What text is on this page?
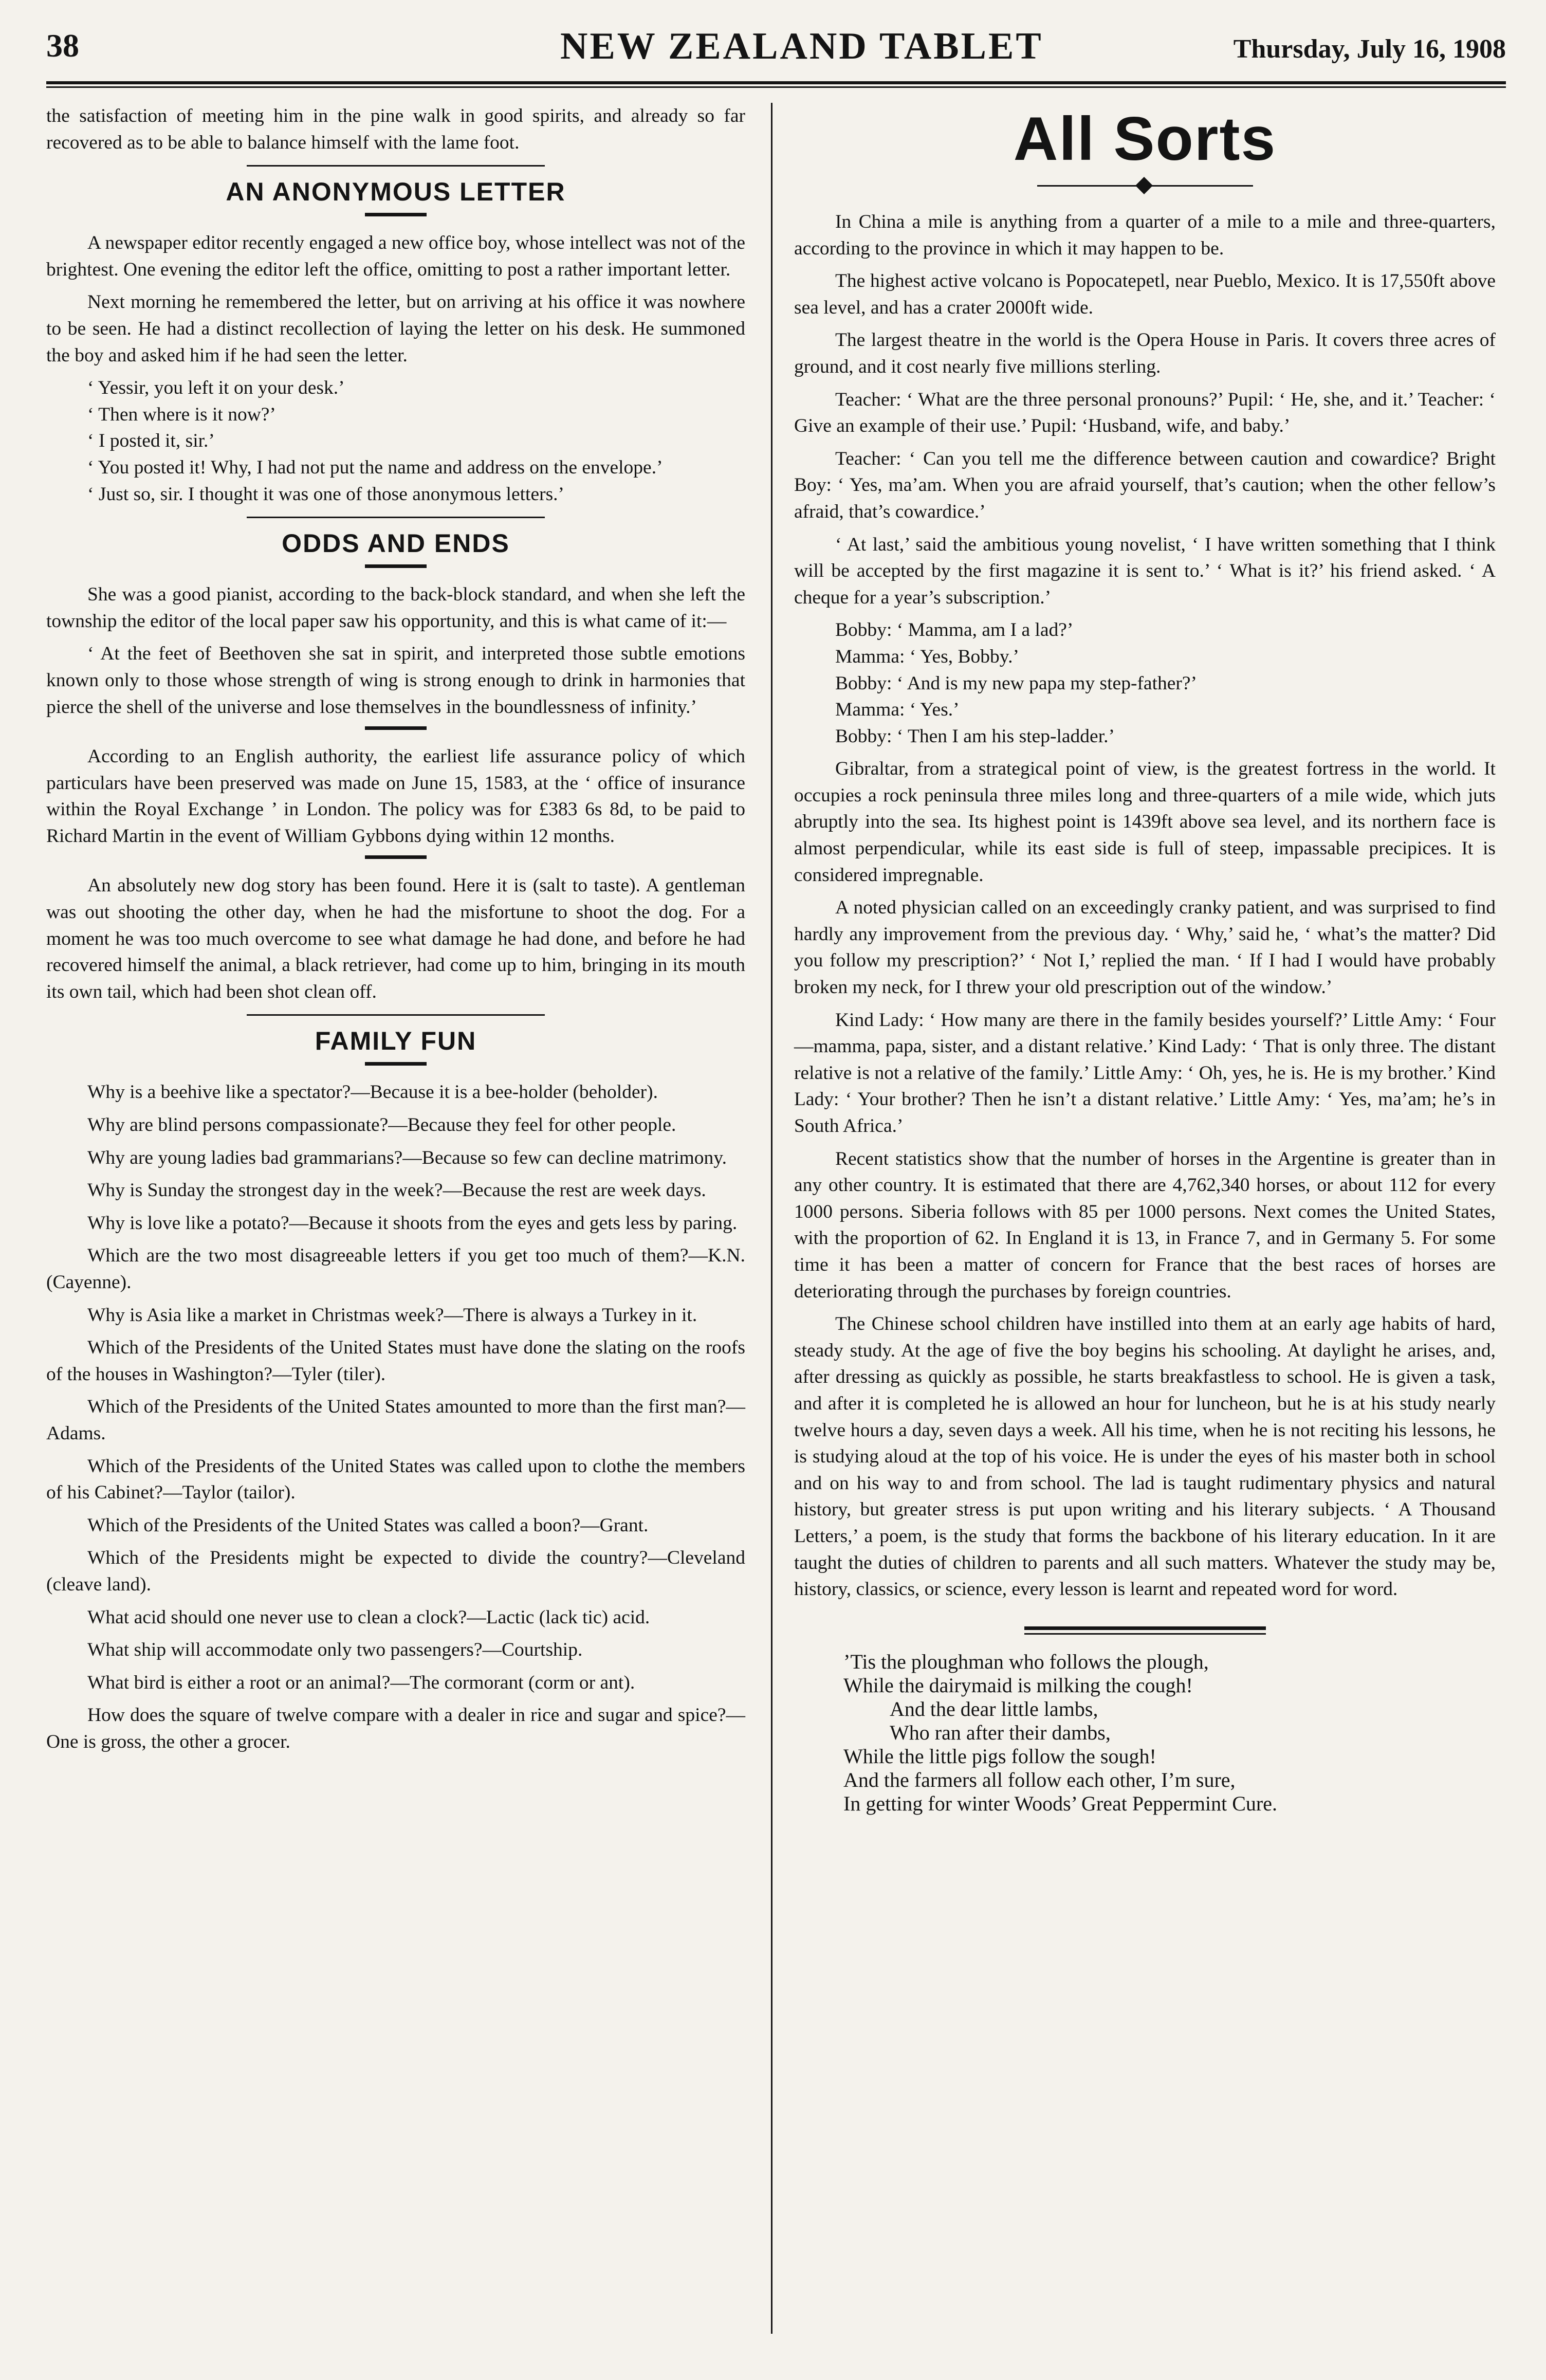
38	NEW ZEALAND TABLET	Thursday, July 16, 1908

the satisfaction of meeting him in the pine walk in good spirits, and already so far recovered as to be able to balance himself with the lame foot.

AN ANONYMOUS LETTER

A newspaper editor recently engaged a new office boy, whose intellect was not of the brightest. One evening the editor left the office, omitting to post a rather important letter.

Next morning he remembered the letter, but on arriving at his office it was nowhere to be seen. He had a distinct recollection of laying the letter on his desk. He summoned the boy and asked him if he had seen the letter.

‘ Yessir, you left it on your desk.’

‘ Then where is it now?’

‘ I posted it, sir.’

‘ You posted it! Why, I had not put the name and address on the envelope.’

‘ Just so, sir. I thought it was one of those anonymous letters.’

ODDS AND ENDS

She was a good pianist, according to the back-block standard, and when she left the township the editor of the local paper saw his opportunity, and this is what came of it:—

‘ At the feet of Beethoven she sat in spirit, and interpreted those subtle emotions known only to those whose strength of wing is strong enough to drink in harmonies that pierce the shell of the universe and lose themselves in the boundlessness of infinity.’

According to an English authority, the earliest life assurance policy of which particulars have been preserved was made on June 15, 1583, at the ‘ office of insurance within the Royal Exchange ’ in London. The policy was for £383 6s 8d, to be paid to Richard Martin in the event of William Gybbons dying within 12 months.

An absolutely new dog story has been found. Here it is (salt to taste). A gentleman was out shooting the other day, when he had the misfortune to shoot the dog. For a moment he was too much overcome to see what damage he had done, and before he had recovered himself the animal, a black retriever, had come up to him, bringing in its mouth its own tail, which had been shot clean off.

FAMILY FUN

Why is a beehive like a spectator?—Because it is a bee-holder (beholder).

Why are blind persons compassionate?—Because they feel for other people.

Why are young ladies bad grammarians?—Because so few can decline matrimony.

Why is Sunday the strongest day in the week?—Because the rest are week days.

Why is love like a potato?—Because it shoots from the eyes and gets less by paring.

Which are the two most disagreeable letters if you get too much of them?—K.N. (Cayenne).

Why is Asia like a market in Christmas week?—There is always a Turkey in it.

Which of the Presidents of the United States must have done the slating on the roofs of the houses in Washington?—Tyler (tiler).

Which of the Presidents of the United States amounted to more than the first man?—Adams.

Which of the Presidents of the United States was called upon to clothe the members of his Cabinet?—Taylor (tailor).

Which of the Presidents of the United States was called a boon?—Grant.

Which of the Presidents might be expected to divide the country?—Cleveland (cleave land).

What acid should one never use to clean a clock?—Lactic (lack tic) acid.

What ship will accommodate only two passengers?—Courtship.

What bird is either a root or an animal?—The cormorant (corm or ant).

How does the square of twelve compare with a dealer in rice and sugar and spice?—One is gross, the other a grocer.

All Sorts

In China a mile is anything from a quarter of a mile to a mile and three-quarters, according to the province in which it may happen to be.

The highest active volcano is Popocatepetl, near Pueblo, Mexico. It is 17,550ft above sea level, and has a crater 2000ft wide.

The largest theatre in the world is the Opera House in Paris. It covers three acres of ground, and it cost nearly five millions sterling.

Teacher: ‘ What are the three personal pronouns?’ Pupil: ‘ He, she, and it.’ Teacher: ‘ Give an example of their use.’ Pupil: ‘Husband, wife, and baby.’

Teacher: ‘ Can you tell me the difference between caution and cowardice? Bright Boy: ‘ Yes, ma’am. When you are afraid yourself, that’s caution; when the other fellow’s afraid, that’s cowardice.’

‘ At last,’ said the ambitious young novelist, ‘ I have written something that I think will be accepted by the first magazine it is sent to.’ ‘ What is it?’ his friend asked. ‘ A cheque for a year’s subscription.’

Bobby: ‘ Mamma, am I a lad?’

Mamma: ‘ Yes, Bobby.’

Bobby: ‘ And is my new papa my step-father?’

Mamma: ‘ Yes.’

Bobby: ‘ Then I am his step-ladder.’

Gibraltar, from a strategical point of view, is the greatest fortress in the world. It occupies a rock peninsula three miles long and three-quarters of a mile wide, which juts abruptly into the sea. Its highest point is 1439ft above sea level, and its northern face is almost perpendicular, while its east side is full of steep, impassable precipices. It is considered impregnable.

A noted physician called on an exceedingly cranky patient, and was surprised to find hardly any improvement from the previous day. ‘ Why,’ said he, ‘ what’s the matter? Did you follow my prescription?’ ‘ Not I,’ replied the man. ‘ If I had I would have probably broken my neck, for I threw your old prescription out of the window.’

Kind Lady: ‘ How many are there in the family besides yourself?’ Little Amy: ‘ Four—mamma, papa, sister, and a distant relative.’ Kind Lady: ‘ That is only three. The distant relative is not a relative of the family.’ Little Amy: ‘ Oh, yes, he is. He is my brother.’ Kind Lady: ‘ Your brother? Then he isn’t a distant relative.’ Little Amy: ‘ Yes, ma’am; he’s in South Africa.’

Recent statistics show that the number of horses in the Argentine is greater than in any other country. It is estimated that there are 4,762,340 horses, or about 112 for every 1000 persons. Siberia follows with 85 per 1000 persons. Next comes the United States, with the proportion of 62. In England it is 13, in France 7, and in Germany 5. For some time it has been a matter of concern for France that the best races of horses are deteriorating through the purchases by foreign countries.

The Chinese school children have instilled into them at an early age habits of hard, steady study. At the age of five the boy begins his schooling. At daylight he arises, and, after dressing as quickly as possible, he starts breakfastless to school. He is given a task, and after it is completed he is allowed an hour for luncheon, but he is at his study nearly twelve hours a day, seven days a week. All his time, when he is not reciting his lessons, he is studying aloud at the top of his voice. He is under the eyes of his master both in school and on his way to and from school. The lad is taught rudimentary physics and natural history, but greater stress is put upon writing and his literary subjects. ‘ A Thousand Letters,’ a poem, is the study that forms the backbone of his literary education. In it are taught the duties of children to parents and all such matters. Whatever the study may be, history, classics, or science, every lesson is learnt and repeated word for word.

’Tis the ploughman who follows the plough,
While the dairymaid is milking the cough!
And the dear little lambs,
Who ran after their dambs,
While the little pigs follow the sough!
And the farmers all follow each other, I’m sure,
In getting for winter Woods’ Great Peppermint Cure.
